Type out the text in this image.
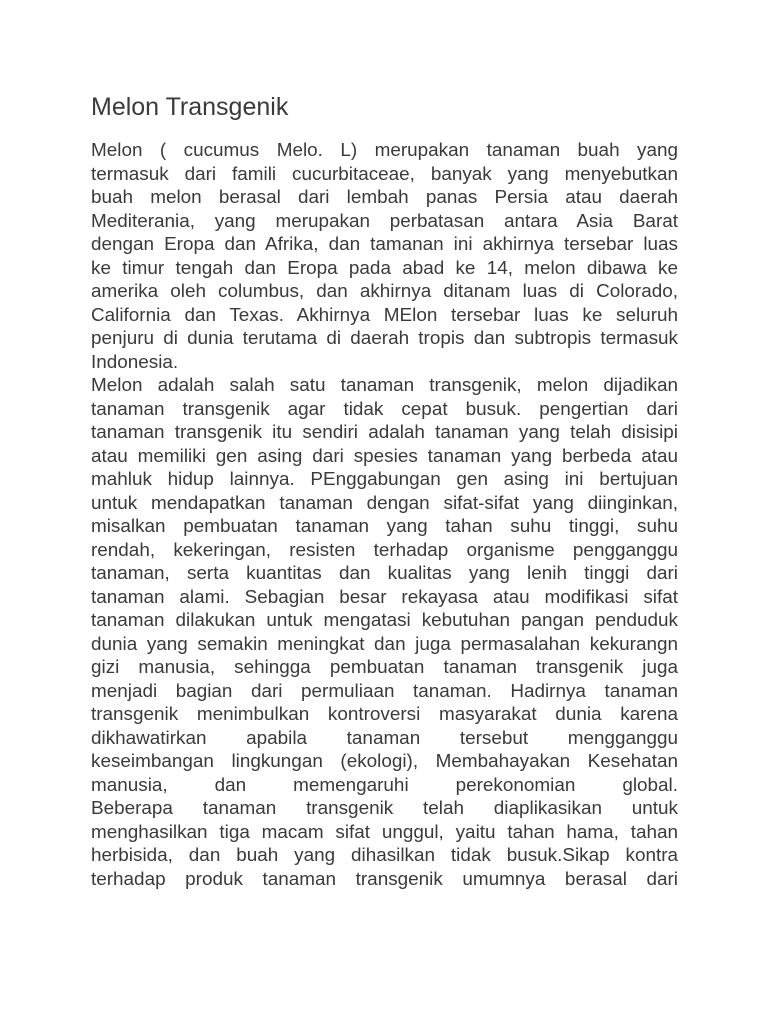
Melon Transgenik
Melon ( cucumus Melo. L) merupakan tanaman buah yang
termasuk dari famili cucurbitaceae, banyak yang menyebutkan
buah melon berasal dari lembah panas Persia atau daerah
Mediterania, yang merupakan perbatasan antara Asia Barat
dengan Eropa dan Afrika, dan tamanan ini akhirnya tersebar luas
ke timur tengah dan Eropa pada abad ke 14, melon dibawa ke
amerika oleh columbus, dan akhirnya ditanam luas di Colorado,
California dan Texas. Akhirnya MElon tersebar luas ke seluruh
penjuru di dunia terutama di daerah tropis dan subtropis termasuk
Indonesia.
Melon adalah salah satu tanaman transgenik, melon dijadikan
tanaman transgenik agar tidak cepat busuk. pengertian dari
tanaman transgenik itu sendiri adalah tanaman yang telah disisipi
atau memiliki gen asing dari spesies tanaman yang berbeda atau
mahluk hidup lainnya. PEnggabungan gen asing ini bertujuan
untuk mendapatkan tanaman dengan sifat-sifat yang diinginkan,
misalkan pembuatan tanaman yang tahan suhu tinggi, suhu
rendah, kekeringan, resisten terhadap organisme pengganggu
tanaman, serta kuantitas dan kualitas yang lenih tinggi dari
tanaman alami. Sebagian besar rekayasa atau modifikasi sifat
tanaman dilakukan untuk mengatasi kebutuhan pangan penduduk
dunia yang semakin meningkat dan juga permasalahan kekurangn
gizi manusia, sehingga pembuatan tanaman transgenik juga
menjadi bagian dari permuliaan tanaman. Hadirnya tanaman
transgenik menimbulkan kontroversi masyarakat dunia karena
dikhawatirkan apabila tanaman tersebut mengganggu
keseimbangan lingkungan (ekologi), Membahayakan Kesehatan
manusia, dan memengaruhi perekonomian global.
Beberapa tanaman transgenik telah diaplikasikan untuk
menghasilkan tiga macam sifat unggul, yaitu tahan hama, tahan
herbisida, dan buah yang dihasilkan tidak busuk.Sikap kontra
terhadap produk tanaman transgenik umumnya berasal dari
